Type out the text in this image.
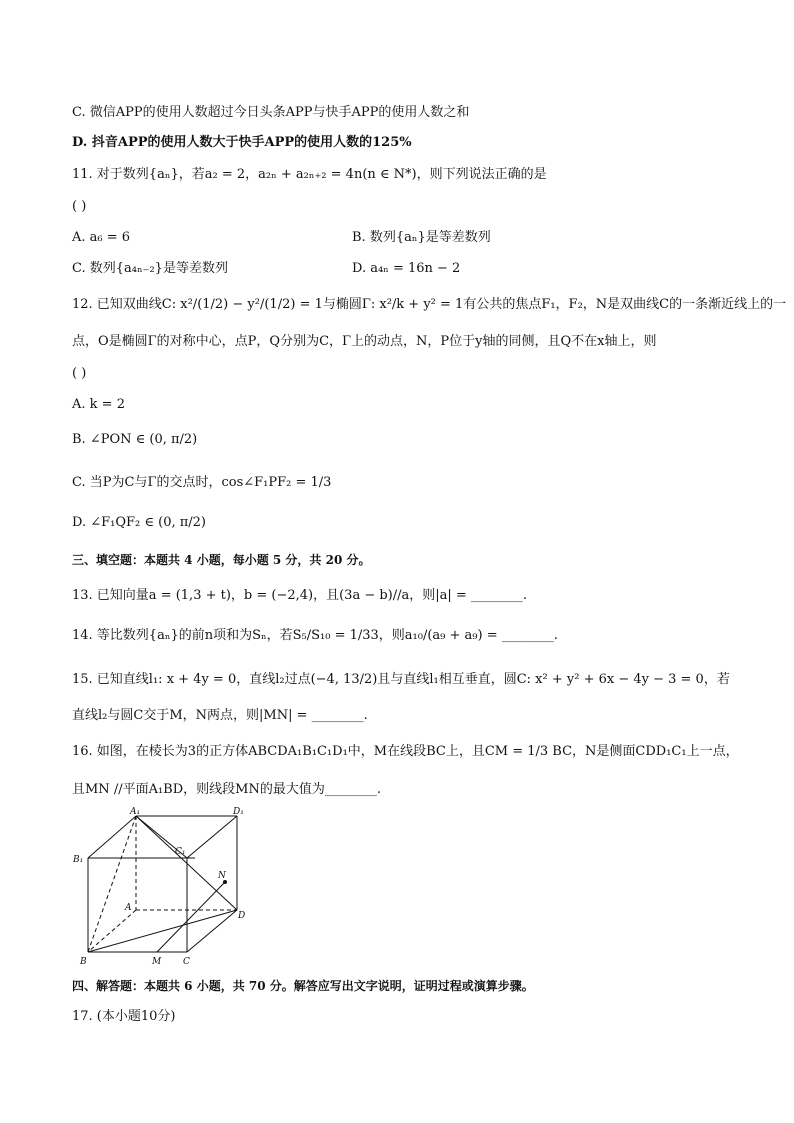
C. 微信APP的使用人数超过今日头条APP与快手APP的使用人数之和
D. 抖音APP的使用人数大于快手APP的使用人数的125%
11. 对于数列{aₙ}，若a₂ = 2，a₂ₙ + a₂ₙ₊₂ = 4n(n ∈ N*)，则下列说法正确的是
( )
A. a₆ = 6	B. 数列{aₙ}是等差数列
C. 数列{a₄ₙ₋₂}是等差数列	D. a₄ₙ = 16n − 2
12. 已知双曲线C: x²/(1/2) − y²/(1/2) = 1与椭圆Γ: x²/k + y² = 1有公共的焦点F₁，F₂，N是双曲线C的一条渐近线上的一
点，O是椭圆Γ的对称中心，点P，Q分别为C，Γ上的动点，N，P位于y轴的同侧，且Q不在x轴上，则
( )
A. k = 2
B. ∠PON ∈ (0, π/2)
C. 当P为C与Γ的交点时，cos∠F₁PF₂ = 1/3
D. ∠F₁QF₂ ∈ (0, π/2)
三、填空题：本题共 4 小题，每小题 5 分，共 20 分。
13. 已知向量a = (1,3 + t)，b = (−2,4)，且(3a − b)//a，则|a| = ________.
14. 等比数列{aₙ}的前n项和为Sₙ，若S₅/S₁₀ = 1/33，则a₁₀/(a₉ + a₉) = ________.
15. 已知直线l₁: x + 4y = 0，直线l₂过点(−4, 13/2)且与直线l₁相互垂直，圆C: x² + y² + 6x − 4y − 3 = 0，若
直线l₂与圆C交于M，N两点，则|MN| = ________.
16. 如图，在棱长为3的正方体ABCDA₁B₁C₁D₁中，M在线段BC上，且CM = 1/3 BC，N是侧面CDD₁C₁上一点，
且MN //平面A₁BD，则线段MN的最大值为________.
A₁	D₁
B₁
C₁
N
A
D
B	M C
四、解答题：本题共 6 小题，共 70 分。解答应写出文字说明，证明过程或演算步骤。
17. (本小题10分)
